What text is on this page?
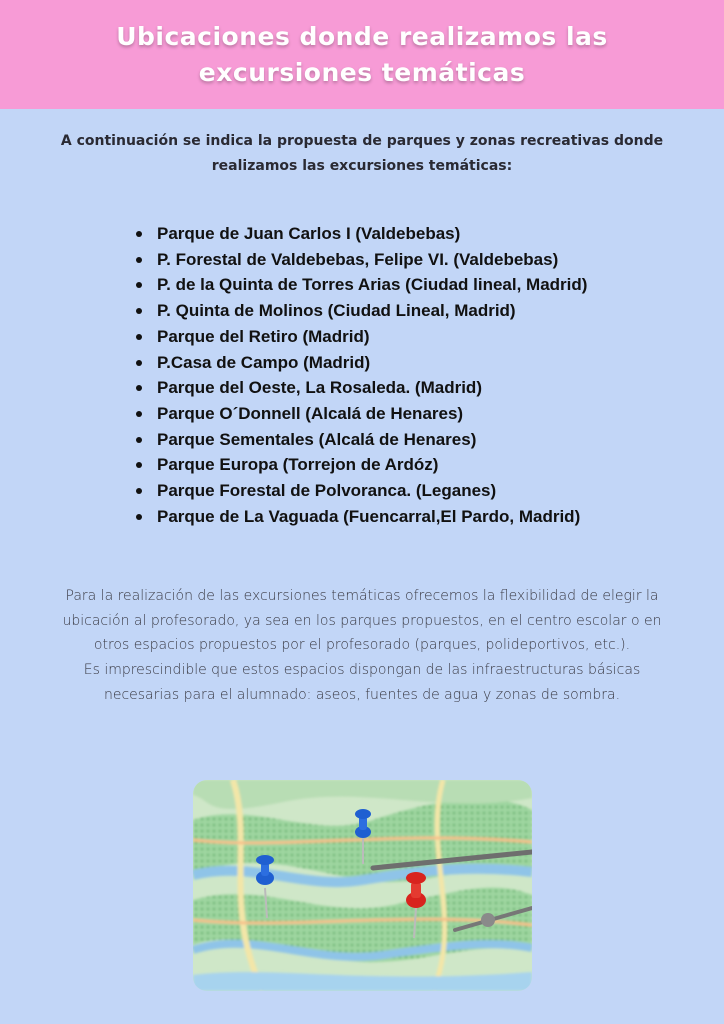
Ubicaciones donde realizamos las excursiones temáticas

A continuación se indica la propuesta de parques y zonas recreativas donde realizamos las excursiones temáticas:

Parque de Juan Carlos I (Valdebebas)
P. Forestal de Valdebebas, Felipe VI. (Valdebebas)
P. de la Quinta de Torres Arias (Ciudad lineal, Madrid)
P. Quinta de Molinos (Ciudad Lineal, Madrid)
Parque del Retiro (Madrid)
P.Casa de Campo (Madrid)
Parque del Oeste, La Rosaleda. (Madrid)
Parque O´Donnell (Alcalá de Henares)
Parque Sementales (Alcalá de Henares)
Parque Europa (Torrejon de Ardóz)
Parque Forestal de Polvoranca. (Leganes)
Parque de La Vaguada (Fuencarral,El Pardo, Madrid)

Para la realización de las excursiones temáticas ofrecemos la flexibilidad de elegir la ubicación al profesorado, ya sea en los parques propuestos, en el centro escolar o en otros espacios propuestos por el profesorado (parques, polideportivos, etc.).

Es imprescindible que estos espacios dispongan de las infraestructuras básicas necesarias para el alumnado: aseos, fuentes de agua y zonas de sombra.
